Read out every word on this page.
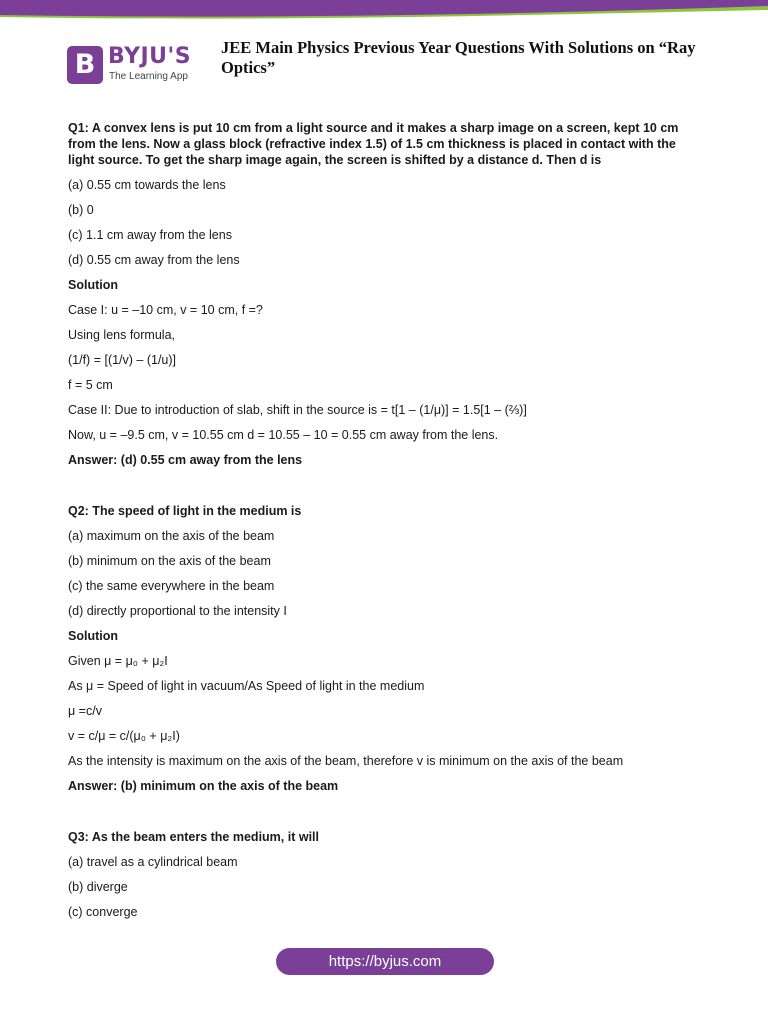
B BYJU'S
The Learning App
JEE Main Physics Previous Year Questions With Solutions on “Ray Optics”

Q1: A convex lens is put 10 cm from a light source and it makes a sharp image on a screen, kept 10 cm from the lens. Now a glass block (refractive index 1.5) of 1.5 cm thickness is placed in contact with the light source. To get the sharp image again, the screen is shifted by a distance d. Then d is

(a) 0.55 cm towards the lens

(b) 0

(c) 1.1 cm away from the lens

(d) 0.55 cm away from the lens

Solution

Case I: u = –10 cm, v = 10 cm, f =?

Using lens formula,

(1/f) = [(1/v) – (1/u)]

f = 5 cm

Case II: Due to introduction of slab, shift in the source is = t[1 – (1/μ)] = 1.5[1 – (⅔)]

Now, u = –9.5 cm, v = 10.55 cm d = 10.55 – 10 = 0.55 cm away from the lens.

Answer: (d) 0.55 cm away from the lens

Q2: The speed of light in the medium is

(a) maximum on the axis of the beam

(b) minimum on the axis of the beam

(c) the same everywhere in the beam

(d) directly proportional to the intensity I

Solution

Given μ = μ₀ + μ₂I

As μ = Speed of light in vacuum/As Speed of light in the medium

μ =c/v

v = c/μ = c/(μ₀ + μ₂I)

As the intensity is maximum on the axis of the beam, therefore v is minimum on the axis of the beam

Answer: (b) minimum on the axis of the beam

Q3: As the beam enters the medium, it will

(a) travel as a cylindrical beam

(b) diverge

(c) converge

https://byjus.com
